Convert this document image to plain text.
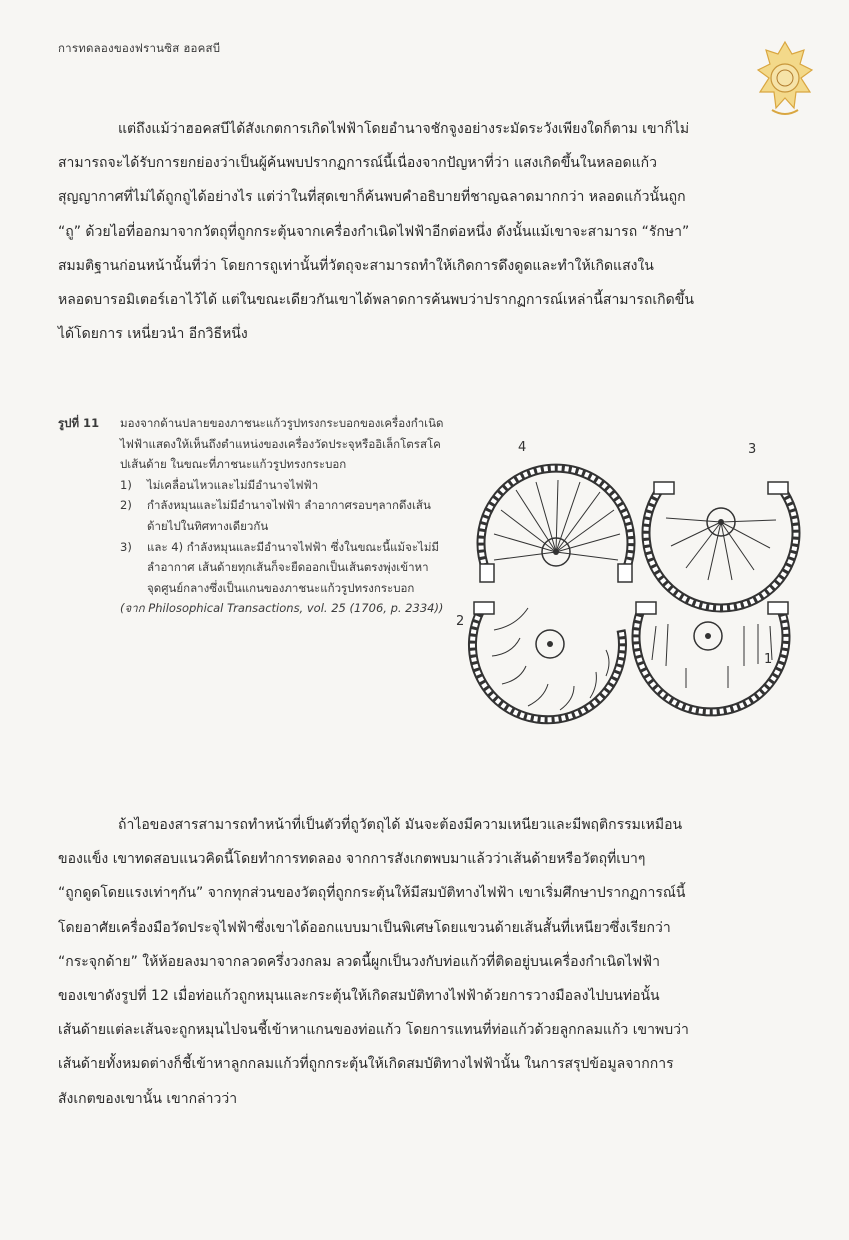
การทดลองของฟรานซิส ฮอคสบี
แต่ถึงแม้ว่าฮอคสบีได้สังเกตการเกิดไฟฟ้าโดยอำนาจชักจูงอย่างระมัดระวังเพียงใดก็ตาม เขาก็ไม่
สามารถจะได้รับการยกย่องว่าเป็นผู้ค้นพบปรากฏการณ์นี้เนื่องจากปัญหาที่ว่า แสงเกิดขึ้นในหลอดแก้ว
สุญญากาศที่ไม่ได้ถูกถูได้อย่างไร แต่ว่าในที่สุดเขาก็ค้นพบคำอธิบายที่ชาญฉลาดมากกว่า หลอดแก้วนั้นถูก
“ถู” ด้วยไอที่ออกมาจากวัตถุที่ถูกกระตุ้นจากเครื่องกำเนิดไฟฟ้าอีกต่อหนึ่ง ดังนั้นแม้เขาจะสามารถ “รักษา”
สมมติฐานก่อนหน้านั้นที่ว่า โดยการถูเท่านั้นที่วัตถุจะสามารถทำให้เกิดการดึงดูดและทำให้เกิดแสงใน
หลอดบารอมิเตอร์เอาไว้ได้ แต่ในขณะเดียวกันเขาได้พลาดการค้นพบว่าปรากฏการณ์เหล่านี้สามารถเกิดขึ้น
ได้โดยการ เหนี่ยวนำ อีกวิธีหนึ่ง
รูปที่ 11	มองจากด้านปลายของภาชนะแก้วรูปทรงกระบอกของเครื่องกำเนิดไฟฟ้าแสดงให้เห็นถึงตำแหน่งของเครื่องวัดประจุหรืออิเล็กโตรสโคปเส้นด้าย ในขณะที่ภาชนะแก้วรูปทรงกระบอก
1)	ไม่เคลื่อนไหวและไม่มีอำนาจไฟฟ้า
2)	กำลังหมุนและไม่มีอำนาจไฟฟ้า ลำอากาศรอบๆลากดึงเส้นด้ายไปในทิศทางเดียวกัน
3)	และ 4) กำลังหมุนและมีอำนาจไฟฟ้า ซึ่งในขณะนี้แม้จะไม่มีลำอากาศ เส้นด้ายทุกเส้นก็จะยืดออกเป็นเส้นตรงพุ่งเข้าหาจุดศูนย์กลางซึ่งเป็นแกนของภาชนะแก้วรูปทรงกระบอก
(จาก Philosophical Transactions, vol. 25 (1706, p. 2334))
4	3
2
1
ถ้าไอของสารสามารถทำหน้าที่เป็นตัวที่ถูวัตถุได้ มันจะต้องมีความเหนียวและมีพฤติกรรมเหมือน
ของแข็ง เขาทดสอบแนวคิดนี้โดยทำการทดลอง จากการสังเกตพบมาแล้วว่าเส้นด้ายหรือวัตถุที่เบาๆ
“ถูกดูดโดยแรงเท่าๆกัน” จากทุกส่วนของวัตถุที่ถูกกระตุ้นให้มีสมบัติทางไฟฟ้า เขาเริ่มศึกษาปรากฏการณ์นี้
โดยอาศัยเครื่องมือวัดประจุไฟฟ้าซึ่งเขาได้ออกแบบมาเป็นพิเศษโดยแขวนด้ายเส้นสั้นที่เหนียวซึ่งเรียกว่า
“กระจุกด้าย” ให้ห้อยลงมาจากลวดครึ่งวงกลม ลวดนี้ผูกเป็นวงกับท่อแก้วที่ติดอยู่บนเครื่องกำเนิดไฟฟ้า
ของเขาดังรูปที่ 12 เมื่อท่อแก้วถูกหมุนและกระตุ้นให้เกิดสมบัติทางไฟฟ้าด้วยการวางมือลงไปบนท่อนั้น
เส้นด้ายแต่ละเส้นจะถูกหมุนไปจนชี้เข้าหาแกนของท่อแก้ว โดยการแทนที่ท่อแก้วด้วยลูกกลมแก้ว เขาพบว่า
เส้นด้ายทั้งหมดต่างก็ชี้เข้าหาลูกกลมแก้วที่ถูกกระตุ้นให้เกิดสมบัติทางไฟฟ้านั้น ในการสรุปข้อมูลจากการ
สังเกตของเขานั้น เขากล่าวว่า
